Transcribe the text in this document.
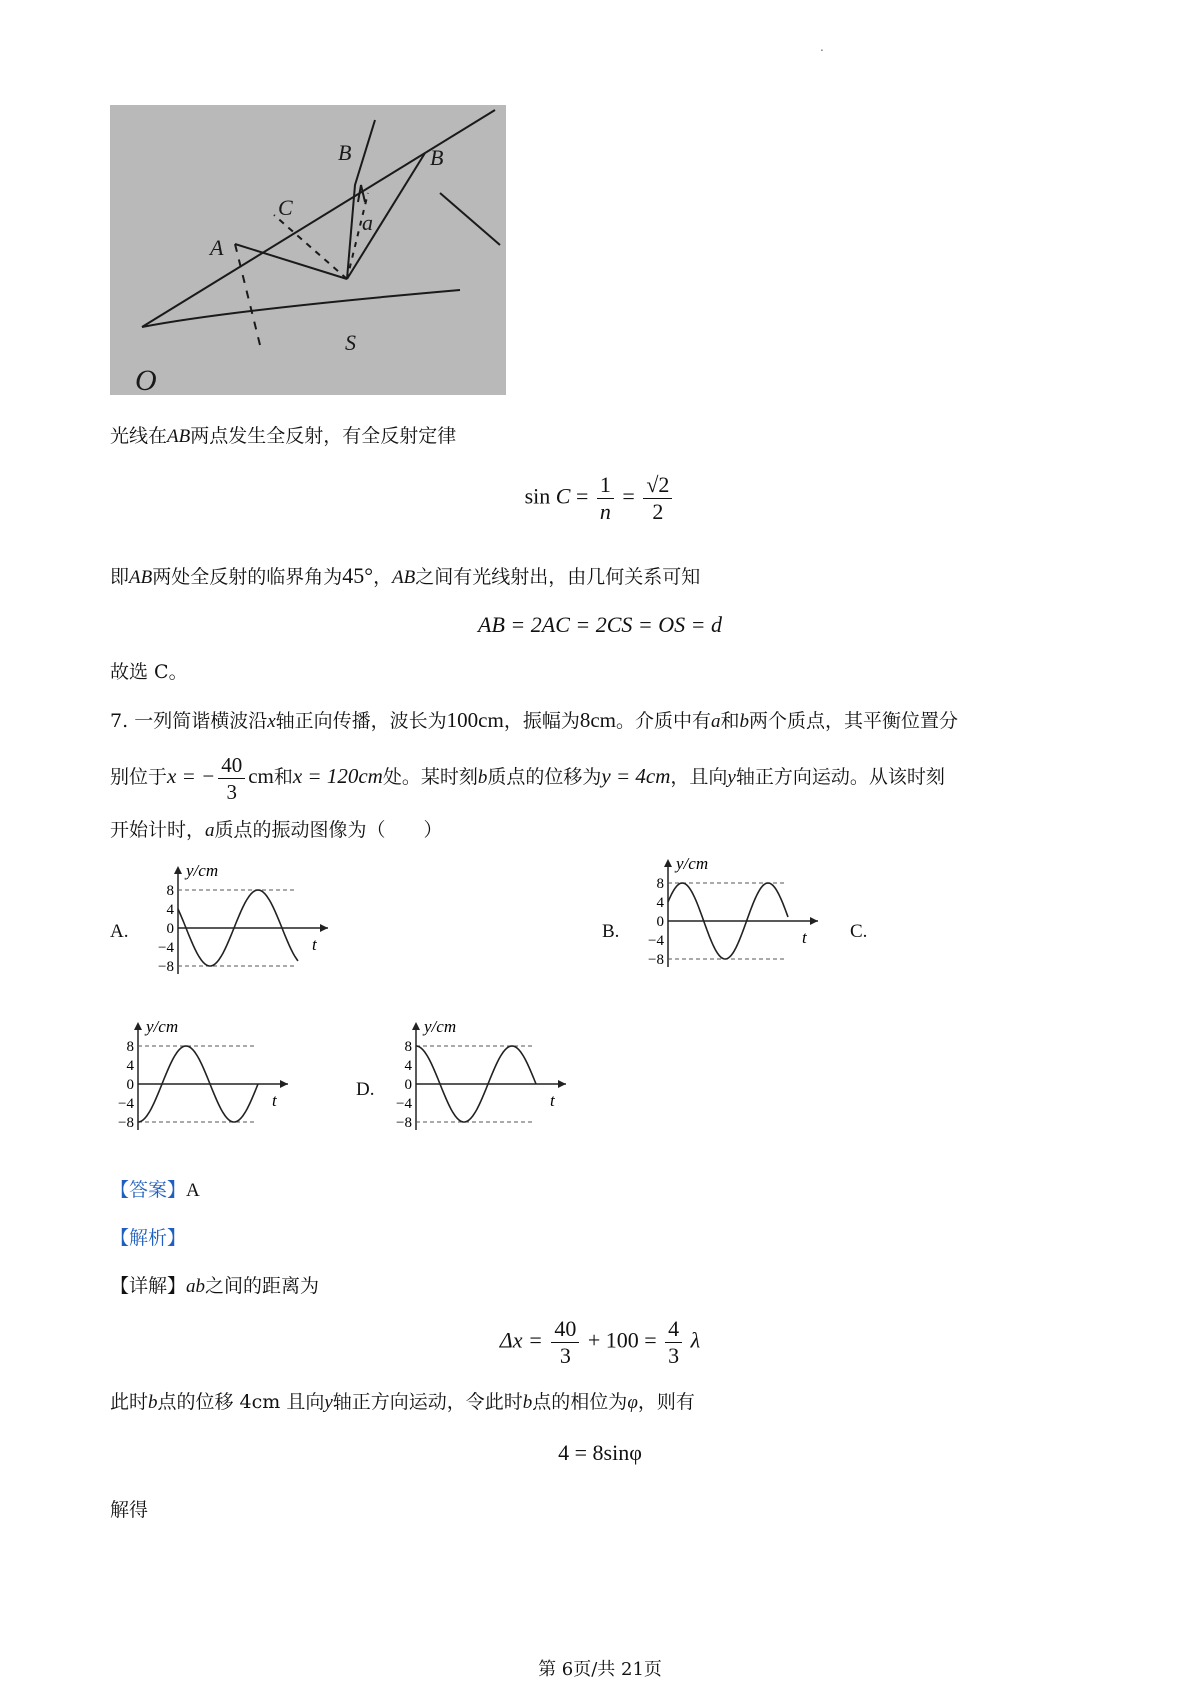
.
A
B
C
a
S
O
B
光线在AB两点发生全反射，有全反射定律
$\sin C = \frac{1}{n} = \frac{√2}{2}$
即AB两处全反射的临界角为45°，AB之间有光线射出，由几何关系可知
AB = 2AC = 2CS = OS = d
故选 C。
7. 一列简谐横波沿x轴正向传播，波长为100cm，振幅为8cm。介质中有a和b两个质点，其平衡位置分
别位于x = − $\frac{40}{3}$ cm和x = 120cm处。某时刻b质点的位移为y = 4cm，且向y轴正方向运动。从该时刻
开始计时，a质点的振动图像为（　　）
A.	B.	C.
D.
y/cm
t
8
4
0
−4
−8
y/cm
t
8
4
0
−4
−8
y/cm
t
8
4
0
−4
−8
y/cm
t
8
4
0
−4
−8
【答案】A
【解析】
【详解】ab之间的距离为
$\Delta x = \frac{40}{3} + 100 = \frac{4}{3}$ λ
此时b点的位移 4cm 且向y轴正方向运动，令此时b点的相位为φ，则有
4 = 8sinφ
解得
第 6页/共 21页
